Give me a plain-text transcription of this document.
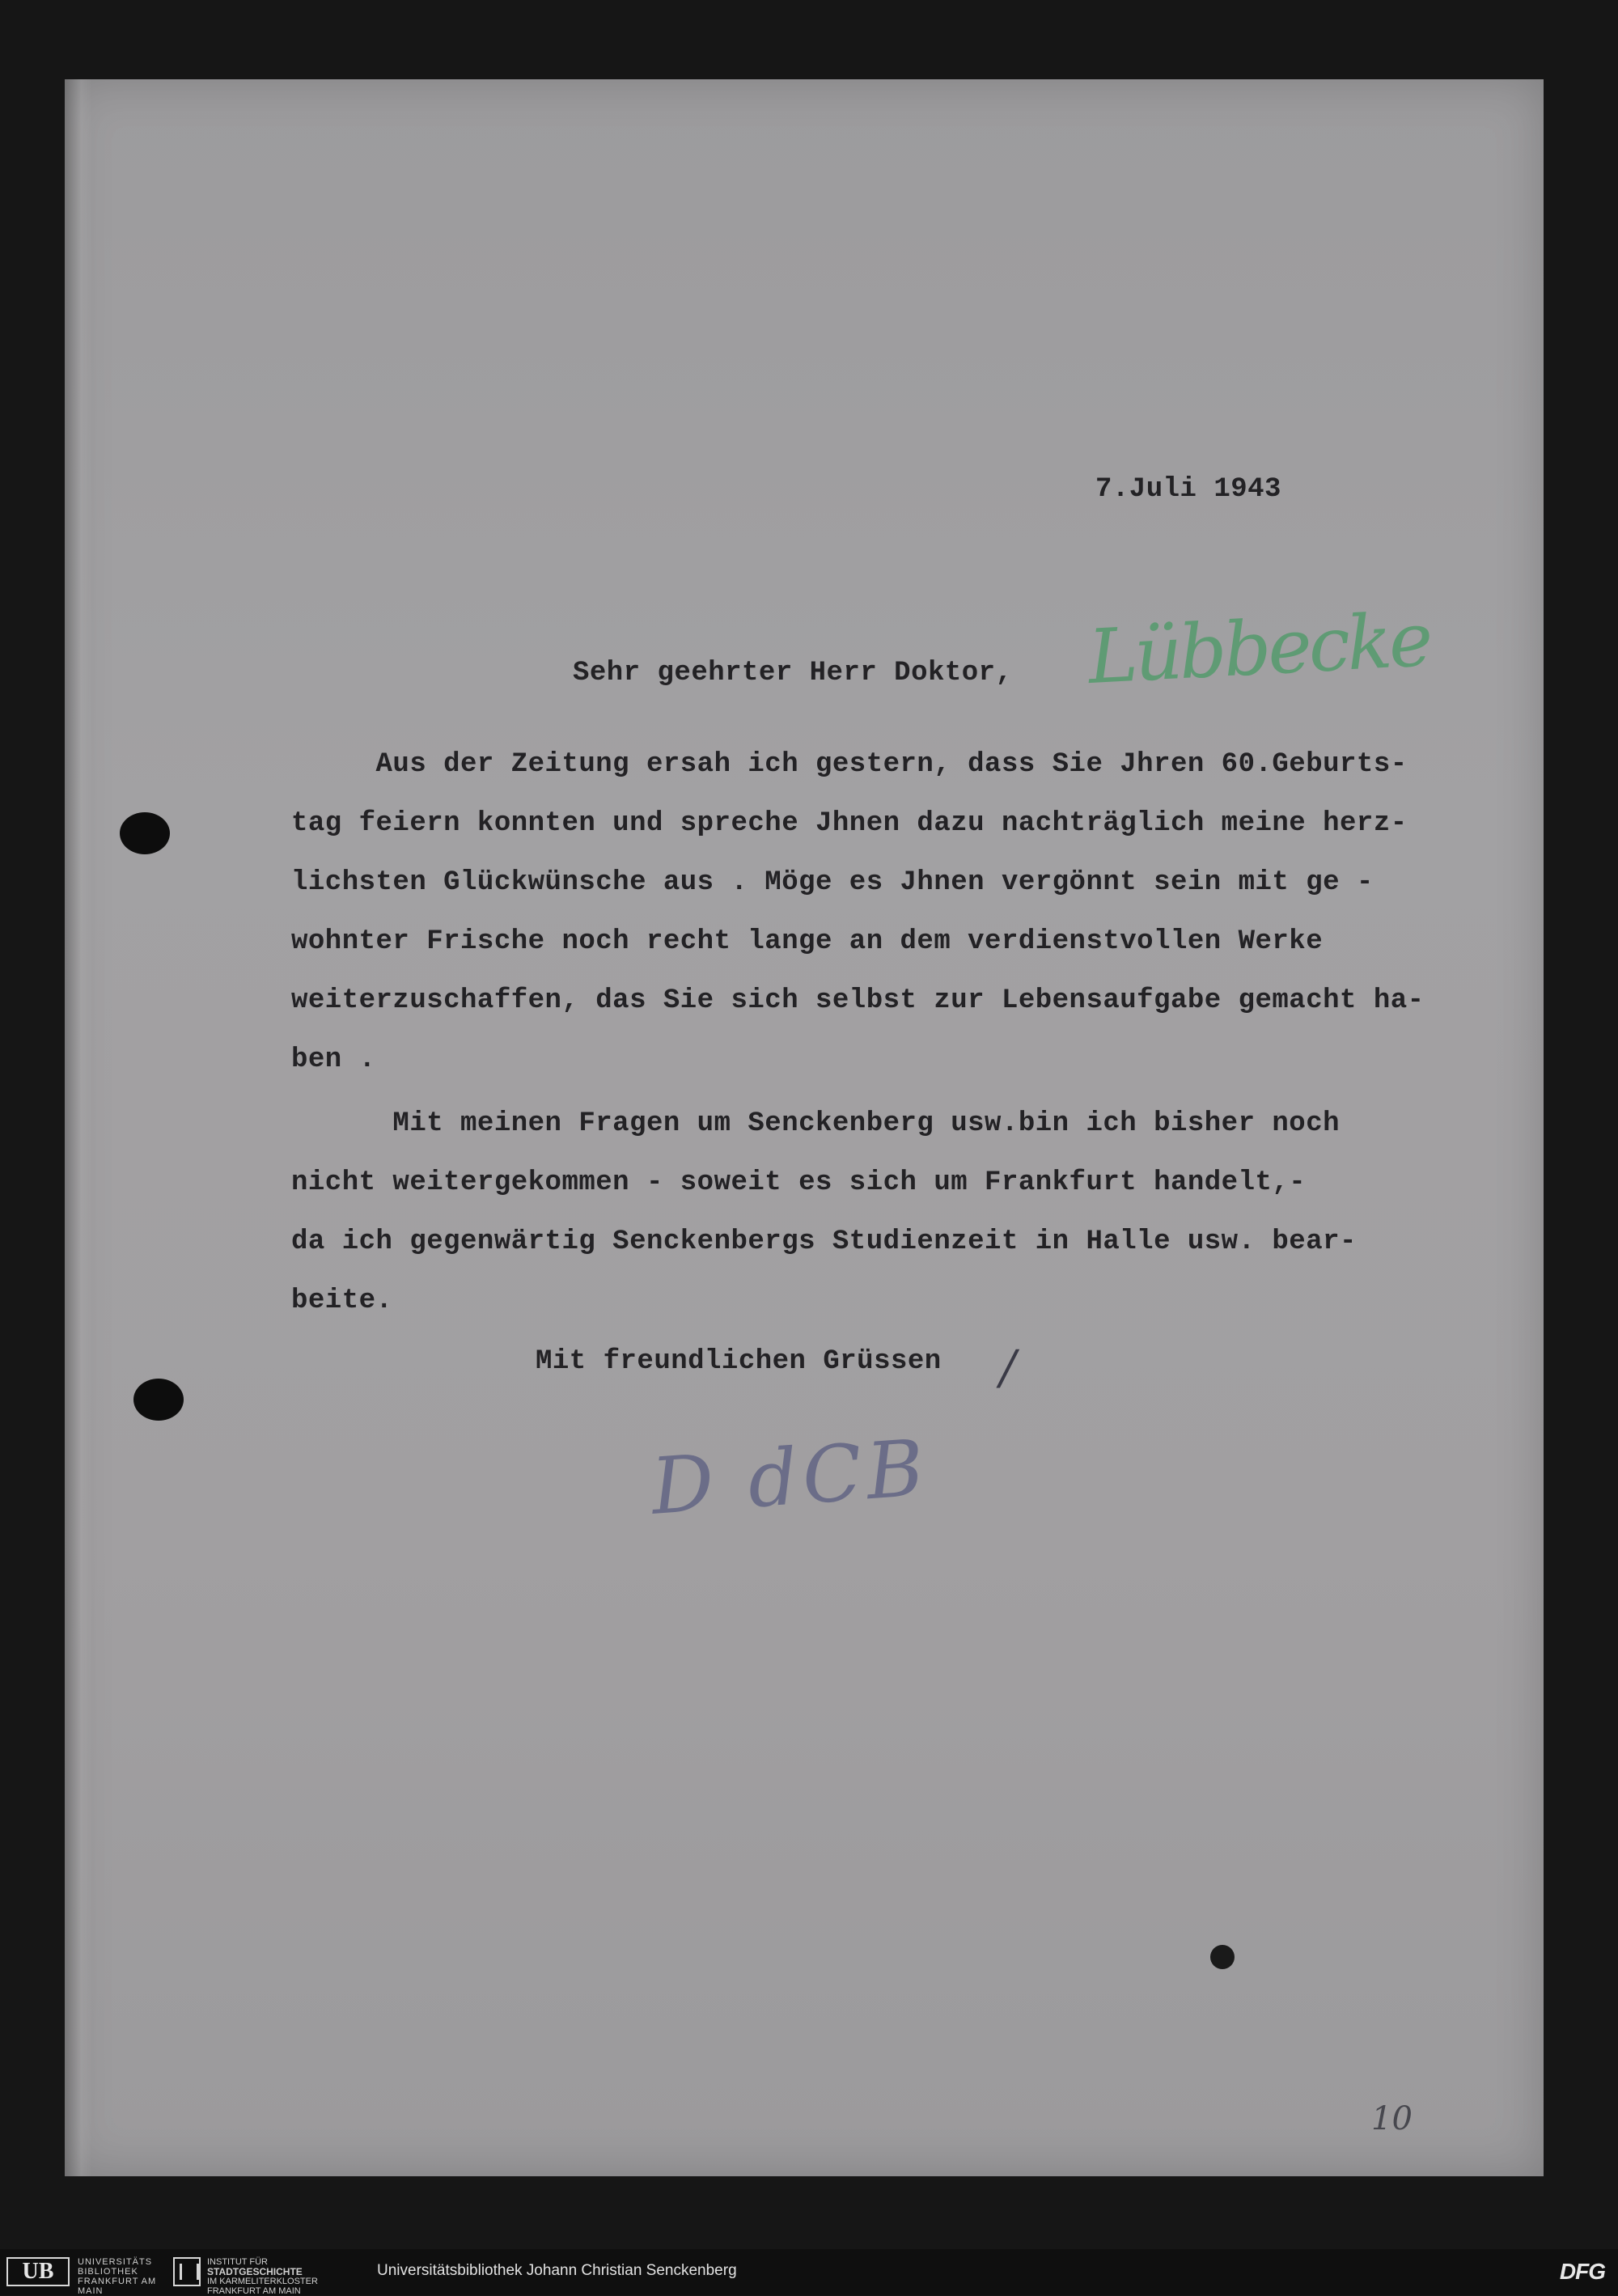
7.Juli 1943

Sehr geehrter Herr Doktor, Lübbecke

Aus der Zeitung ersah ich gestern, dass Sie Jhren 60.Geburts-

tag feiern konnten und spreche Jhnen dazu nachträglich meine herz-

lichsten Glückwünsche aus . Möge es Jhnen vergönnt sein mit ge -

wohnter Frische noch recht lange an dem verdienstvollen Werke

weiterzuschaffen, das Sie sich selbst zur Lebensaufgabe gemacht ha-

ben .

Mit meinen Fragen um Senckenberg usw.bin ich bisher noch

nicht weitergekommen - soweit es sich um Frankfurt handelt,-

da ich gegenwärtig Senckenbergs Studienzeit in Halle usw. bear-

beite.

Mit freundlichen Grüssen /
D dCB
10
UB	UNIVERSITÄTS BIBLIOTHEK FRANKFURT AM MAIN
INSTITUT FÜR
STADTGESCHICHTE
IM KARMELITERKLOSTER FRANKFURT AM MAIN
Universitätsbibliothek Johann Christian Senckenberg	DFG
